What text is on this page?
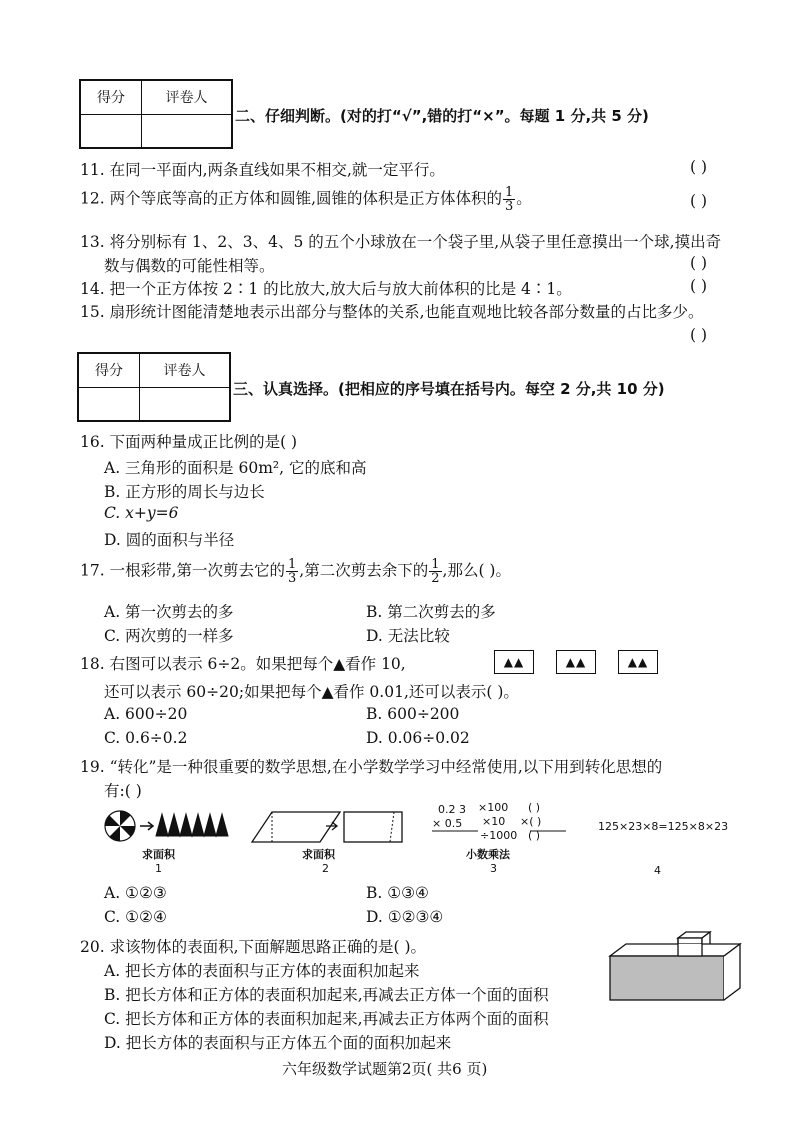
得分	评卷人

二、仔细判断。(对的打“√”,错的打“×”。每题 1 分,共 5 分)
11. 在同一平面内,两条直线如果不相交,就一定平行。	( )
12. 两个等底等高的正方体和圆锥,圆锥的体积是正方体体积的 $\frac{1}{3}$ 。	( )
13. 将分别标有 1、2、3、4、5 的五个小球放在一个袋子里,从袋子里任意摸出一个球,摸出奇
数与偶数的可能性相等。	( )
14. 把一个正方体按 2∶1 的比放大,放大后与放大前体积的比是 4∶1。	( )
15. 扇形统计图能清楚地表示出部分与整体的关系,也能直观地比较各部分数量的占比多少。
( )
得分	评卷人

三、认真选择。(把相应的序号填在括号内。每空 2 分,共 10 分)
16. 下面两种量成正比例的是( )
A. 三角形的面积是 60m², 它的底和高
B. 正方形的周长与边长
C. x+y=6
D. 圆的面积与半径
17. 一根彩带,第一次剪去它的 $\frac{1}{3}$ ,第二次剪去余下的 $\frac{1}{2}$ ,那么( )。
A. 第一次剪去的多	B. 第二次剪去的多
C. 两次剪的一样多	D. 无法比较
18. 右图可以表示 6÷2。如果把每个▲看作 10,	▲▲	▲▲	▲▲
还可以表示 60÷20;如果把每个▲看作 0.01,还可以表示( )。
A. 600÷20	B. 600÷200
C. 0.6÷0.2	D. 0.06÷0.02
19. “转化”是一种很重要的数学思想,在小学数学学习中经常使用,以下用到转化思想的
有:( )
求面积
1
求面积
2
0.2 3 ×100 ( )
× 0.5 ×10 ×( )
÷1000 ( )
小数乘法
3
125×23×8=125×8×23
4
A. ①②③	B. ①③④
C. ①②④	D. ①②③④
20. 求该物体的表面积,下面解题思路正确的是( )。
A. 把长方体的表面积与正方体的表面积加起来
B. 把长方体和正方体的表面积加起来,再减去正方体一个面的面积
C. 把长方体和正方体的表面积加起来,再减去正方体两个面的面积
D. 把长方体的表面积与正方体五个面的面积加起来
六年级数学试题第2页( 共6 页)
